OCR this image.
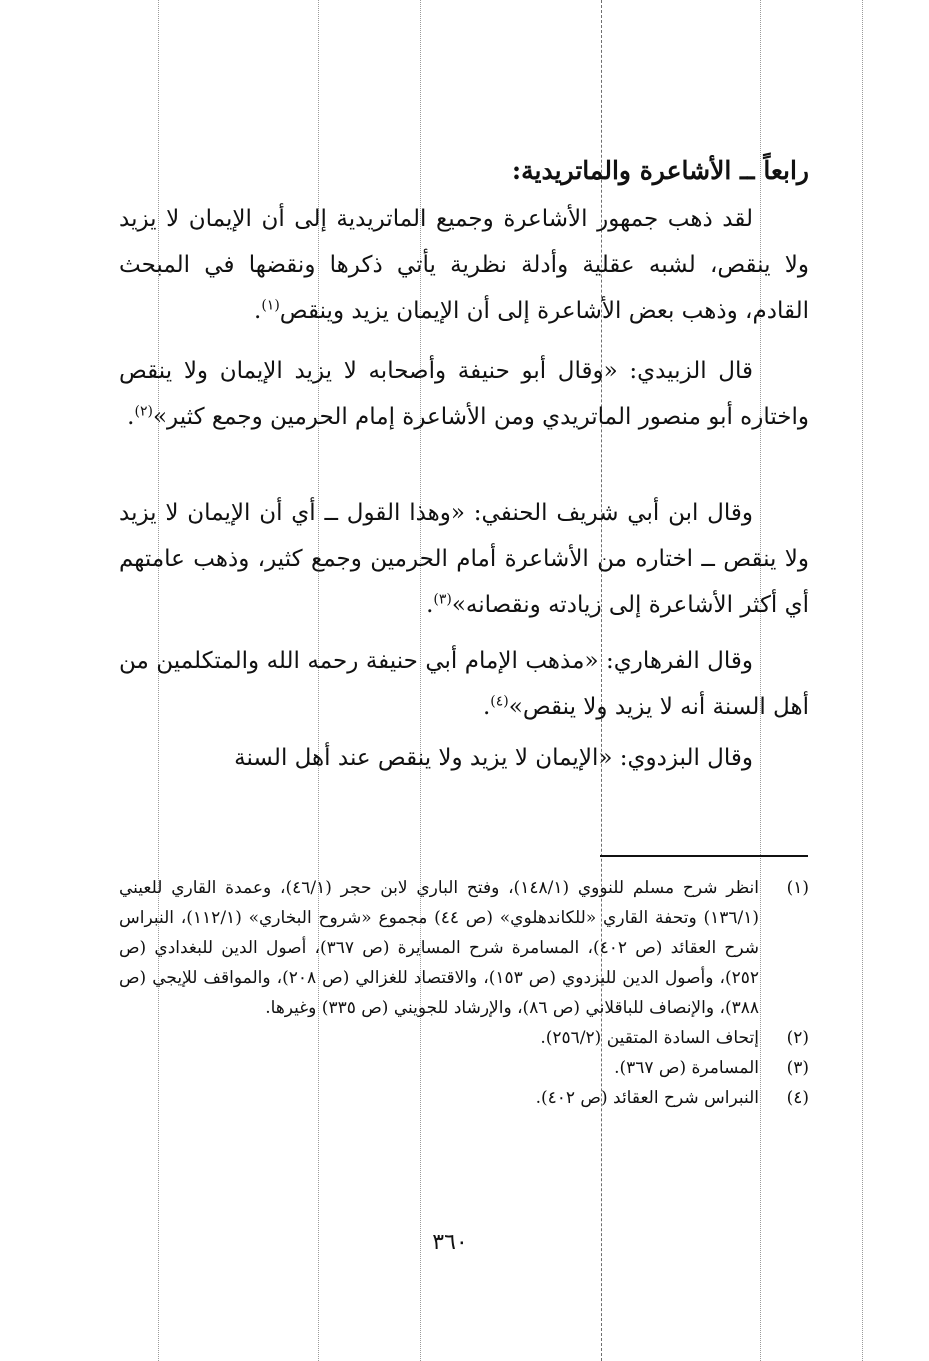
رابعاً ــ الأشاعرة والماتريدية:

لقد ذهب جمهور الأشاعرة وجميع الماتريدية إلى أن الإيمان لا يزيد ولا ينقص، لشبه عقلية وأدلة نظرية يأتي ذكرها ونقضها في المبحث القادم، وذهب بعض الأشاعرة إلى أن الإيمان يزيد وينقص$^{(١)}$.

قال الزبيدي: «وقال أبو حنيفة وأصحابه لا يزيد الإيمان ولا ينقص واختاره أبو منصور الماتريدي ومن الأشاعرة إمام الحرمين وجمع كثير»$^{(٢)}$.

وقال ابن أبي شريف الحنفي: «وهذا القول ــ أي أن الإيمان لا يزيد ولا ينقص ــ اختاره من الأشاعرة أمام الحرمين وجمع كثير، وذهب عامتهم أي أكثر الأشاعرة إلى زيادته ونقصانه»$^{(٣)}$.

وقال الفرهاري: «مذهب الإمام أبي حنيفة رحمه الله والمتكلمين من أهل السنة أنه لا يزيد ولا ينقص»$^{(٤)}$.

وقال البزدوي: «الإيمان لا يزيد ولا ينقص عند أهل السنة

(١)
انظر شرح مسلم للنووي (١٤٨/١)، وفتح الباري لابن حجر (٤٦/١)، وعمدة القاري للعيني (١٣٦/١) وتحفة القاري «للكاندهلوي» (ص ٤٤) مجموع «شروح البخاري» (١١٢/١)، النبراس شرح العقائد (ص ٤٠٢)، المسامرة شرح المسايرة (ص ٣٦٧)، أصول الدين للبغدادي (ص ٢٥٢)، وأصول الدين للبزدوي (ص ١٥٣)، والاقتصاد للغزالي (ص ٢٠٨)، والمواقف للإيجي (ص ٣٨٨)، والإنصاف للباقلاني (ص ٨٦)، والإرشاد للجويني (ص ٣٣٥) وغيرها.
(٢)
إتحاف السادة المتقين (٢٥٦/٢).
(٣)
المسامرة (ص ٣٦٧).
(٤)
النبراس شرح العقائد (ص ٤٠٢).
٣٦٠
